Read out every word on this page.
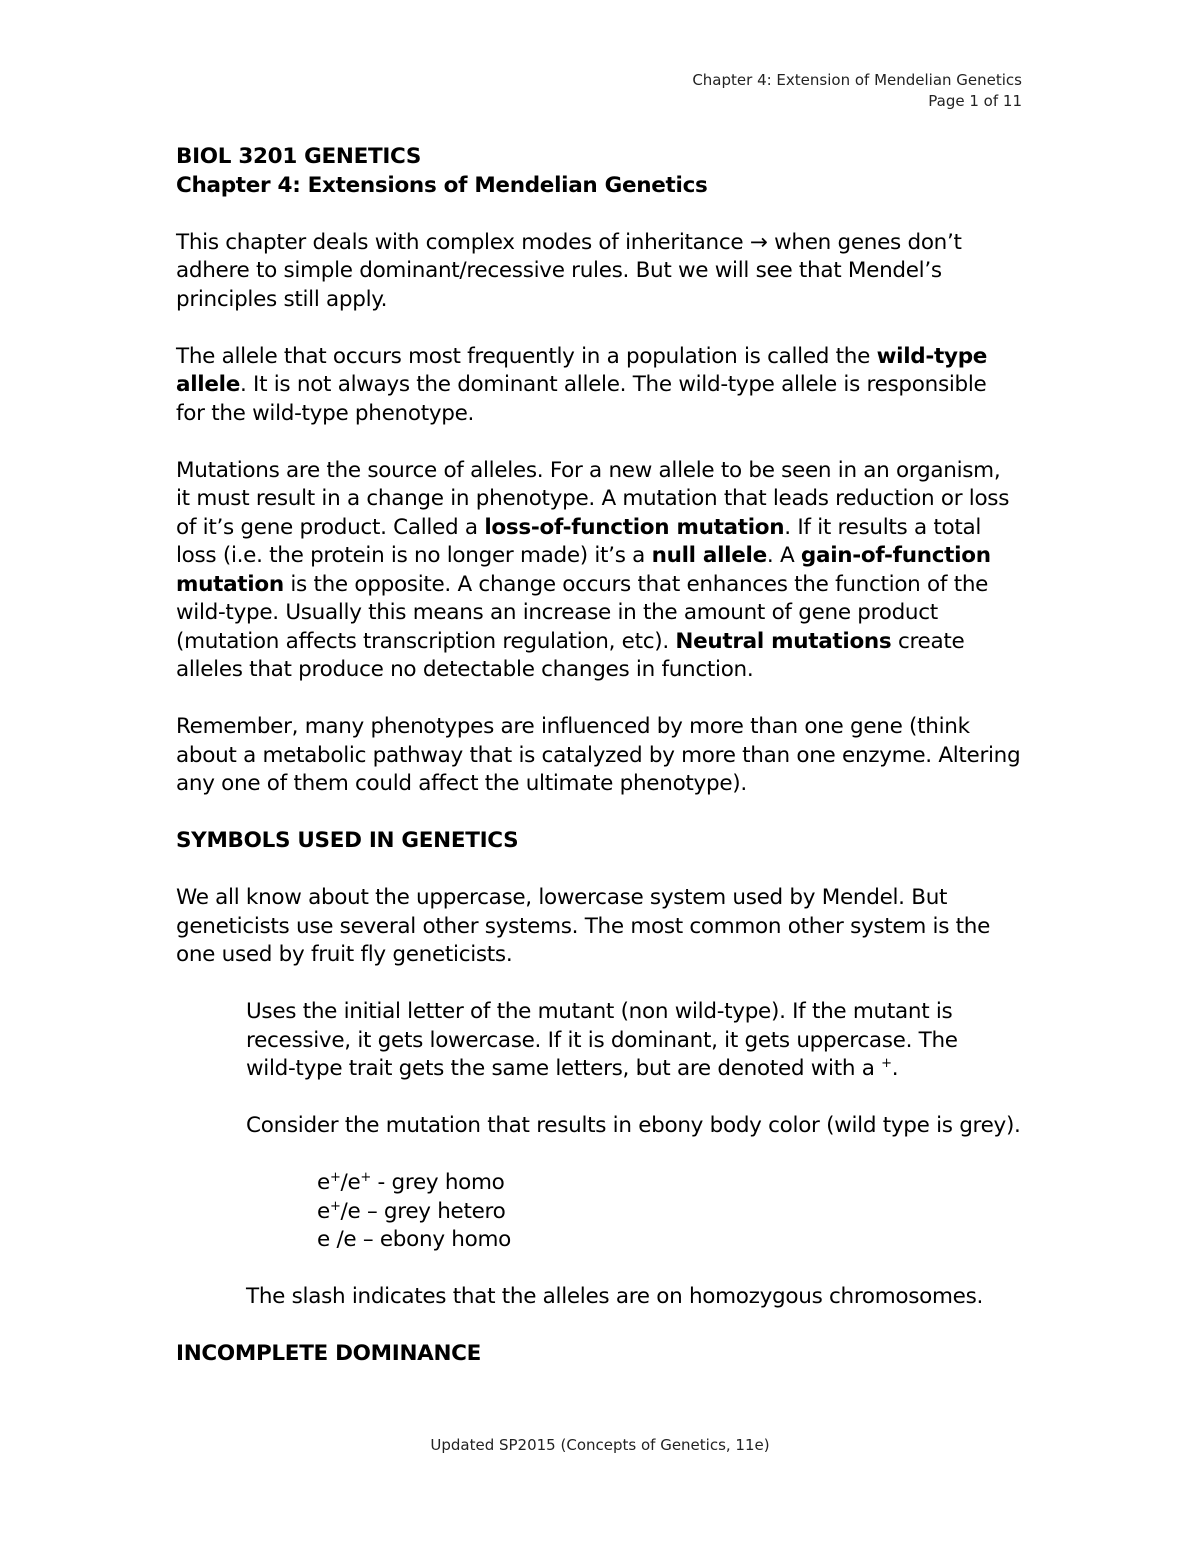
Chapter 4: Extension of Mendelian Genetics
Page 1 of 11

BIOL 3201 GENETICS

Chapter 4: Extensions of Mendelian Genetics

This chapter deals with complex modes of inheritance → when genes don’t

adhere to simple dominant/recessive rules. But we will see that Mendel’s

principles still apply.

The allele that occurs most frequently in a population is called the wild-type

allele. It is not always the dominant allele. The wild-type allele is responsible

for the wild-type phenotype.

Mutations are the source of alleles. For a new allele to be seen in an organism,

it must result in a change in phenotype. A mutation that leads reduction or loss

of it’s gene product. Called a loss-of-function mutation. If it results a total

loss (i.e. the protein is no longer made) it’s a null allele. A gain-of-function

mutation is the opposite. A change occurs that enhances the function of the

wild-type. Usually this means an increase in the amount of gene product

(mutation affects transcription regulation, etc). Neutral mutations create

alleles that produce no detectable changes in function.

Remember, many phenotypes are influenced by more than one gene (think

about a metabolic pathway that is catalyzed by more than one enzyme. Altering

any one of them could affect the ultimate phenotype).

SYMBOLS USED IN GENETICS

We all know about the uppercase, lowercase system used by Mendel. But

geneticists use several other systems. The most common other system is the

one used by fruit fly geneticists.

Uses the initial letter of the mutant (non wild-type). If the mutant is

recessive, it gets lowercase. If it is dominant, it gets uppercase. The

wild-type trait gets the same letters, but are denoted with a +.

Consider the mutation that results in ebony body color (wild type is grey).

e+/e+ - grey homo

e+/e – grey hetero

e /e – ebony homo

The slash indicates that the alleles are on homozygous chromosomes.

INCOMPLETE DOMINANCE

Updated SP2015 (Concepts of Genetics, 11e)
